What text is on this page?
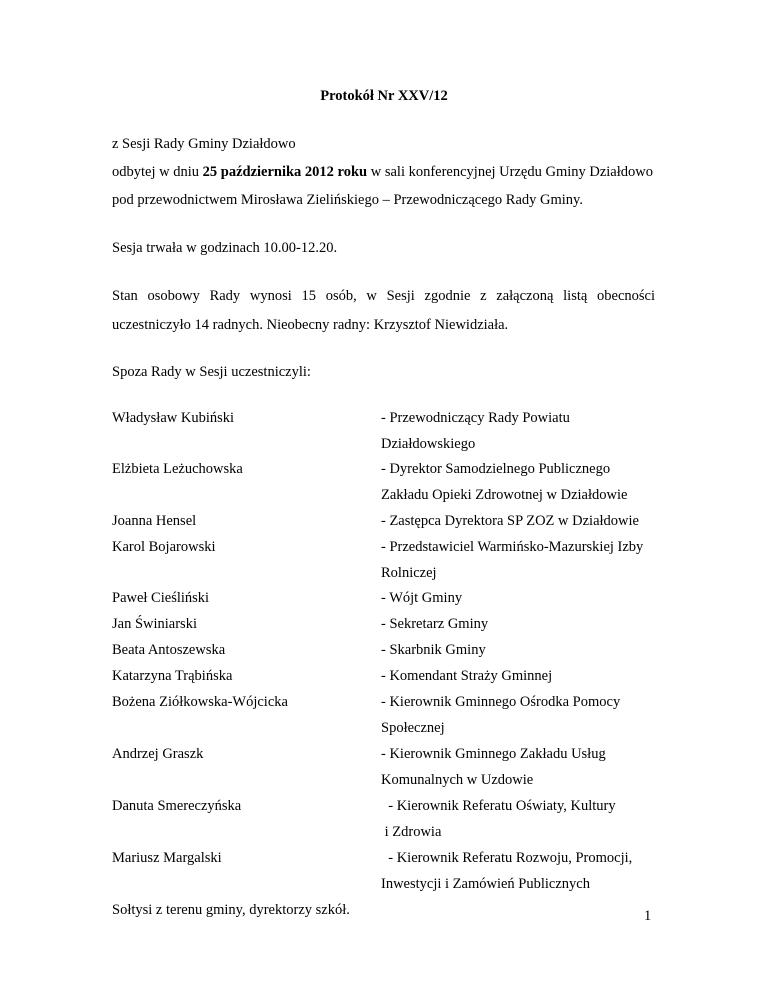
Protokół Nr XXV/12
z Sesji Rady Gminy Działdowo
odbytej w dniu 25 października 2012 roku w sali konferencyjnej Urzędu Gminy Działdowo
pod przewodnictwem Mirosława Zielińskiego – Przewodniczącego Rady Gminy.
Sesja trwała w godzinach 10.00-12.20.
Stan osobowy Rady wynosi 15 osób, w Sesji zgodnie z załączoną listą obecności
uczestniczyło 14 radnych. Nieobecny radny: Krzysztof Niewidziała.
Spoza Rady w Sesji uczestniczyli:
Władysław Kubiński	- Przewodniczący Rady Powiatu
Działdowskiego
Elżbieta Leżuchowska	- Dyrektor Samodzielnego Publicznego
Zakładu Opieki Zdrowotnej w Działdowie
Joanna Hensel	- Zastępca Dyrektora SP ZOZ w Działdowie
Karol Bojarowski	- Przedstawiciel Warmińsko-Mazurskiej Izby
Rolniczej
Paweł Cieśliński	- Wójt Gminy
Jan Świniarski	- Sekretarz Gminy
Beata Antoszewska	- Skarbnik Gminy
Katarzyna Trąbińska	- Komendant Straży Gminnej
Bożena Ziółkowska-Wójcicka	- Kierownik Gminnego Ośrodka Pomocy
Społecznej
Andrzej Graszk	- Kierownik Gminnego Zakładu Usług
Komunalnych w Uzdowie
Danuta Smereczyńska	- Kierownik Referatu Oświaty, Kultury
i Zdrowia
Mariusz Margalski	- Kierownik Referatu Rozwoju, Promocji,
Inwestycji i Zamówień Publicznych
Sołtysi z terenu gminy, dyrektorzy szkół.	1
